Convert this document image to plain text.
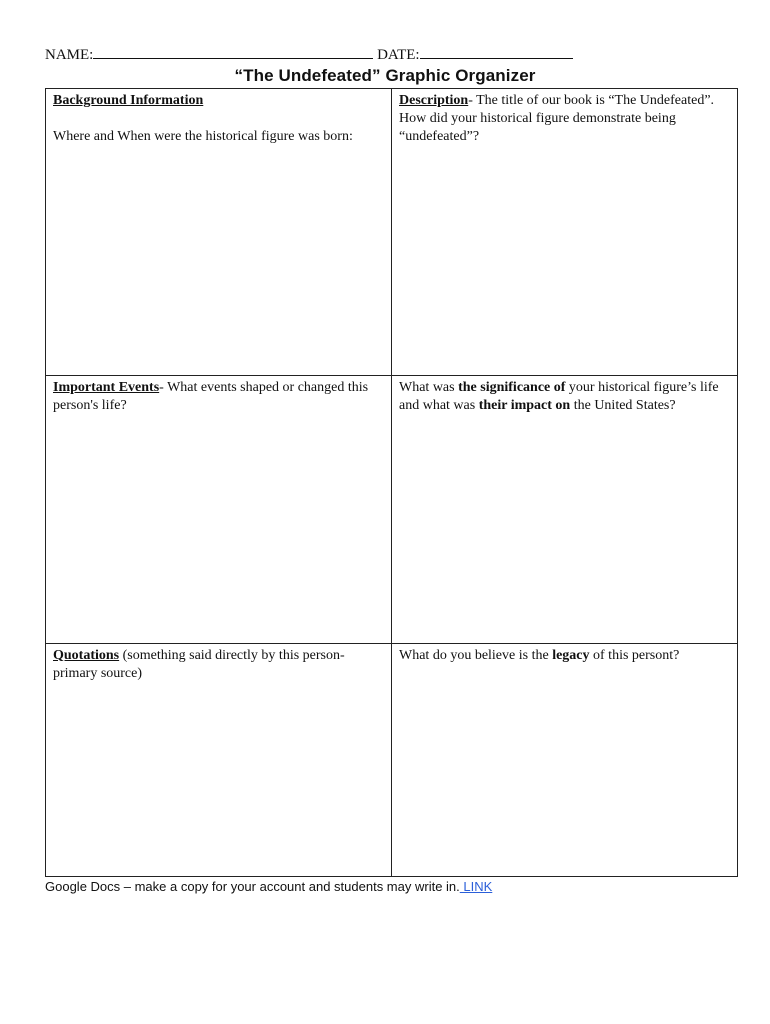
NAME:	DATE:
“The Undefeated” Graphic Organizer
Background Information
Where and When were the historical figure was born:
Description- The title of our book is “The Undefeated”. How did your historical figure demonstrate being “undefeated”?
Important Events- What events shaped or changed this person's life?
What was the significance of your historical figure’s life and what was their impact on the United States?
Quotations (something said directly by this person- primary source)
What do you believe is the legacy of this persont?
Google Docs – make a copy for your account and students may write in. LINK
